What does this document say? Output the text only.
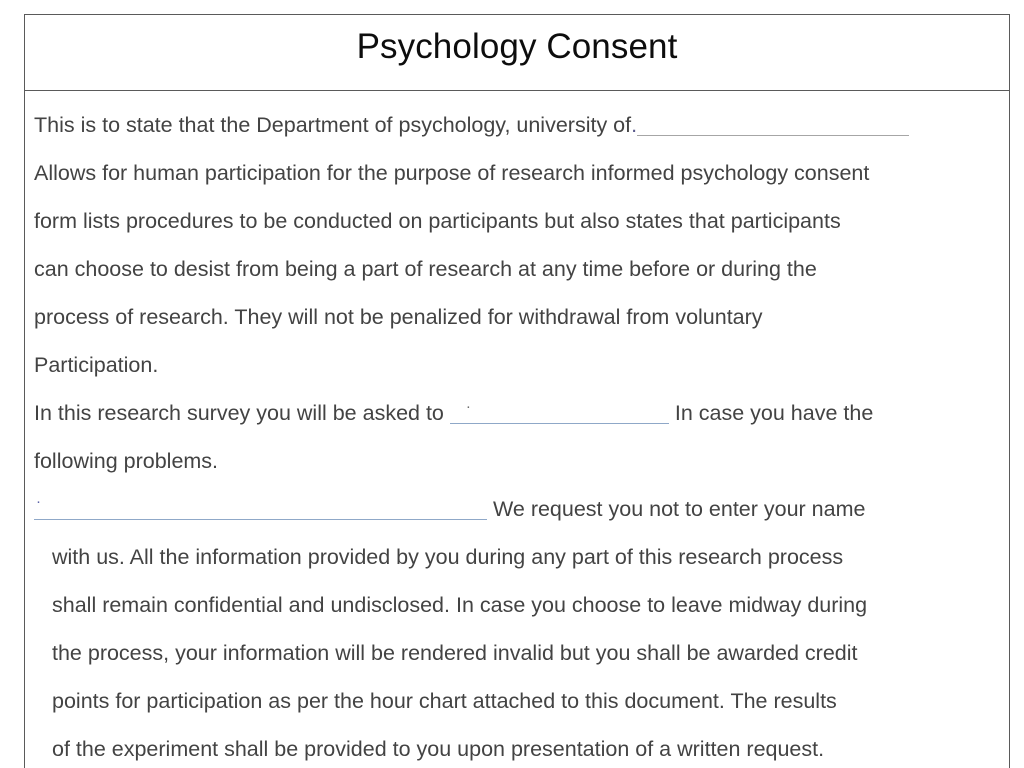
Psychology Consent

This is to state that the Department of psychology, university of.

Allows for human participation for the purpose of research informed psychology consent
form lists procedures to be conducted on participants but also states that participants
can choose to desist from being a part of research at any time before or during the
process of research. They will not be penalized for withdrawal from voluntary
Participation.

In this research survey you will be asked to ·	In case you have the
following problems.

·	We request you not to enter your name

with us. All the information provided by you during any part of this research process
shall remain confidential and undisclosed. In case you choose to leave midway during
the process, your information will be rendered invalid but you shall be awarded credit
points for participation as per the hour chart attached to this document. The results
of the experiment shall be provided to you upon presentation of a written request.
